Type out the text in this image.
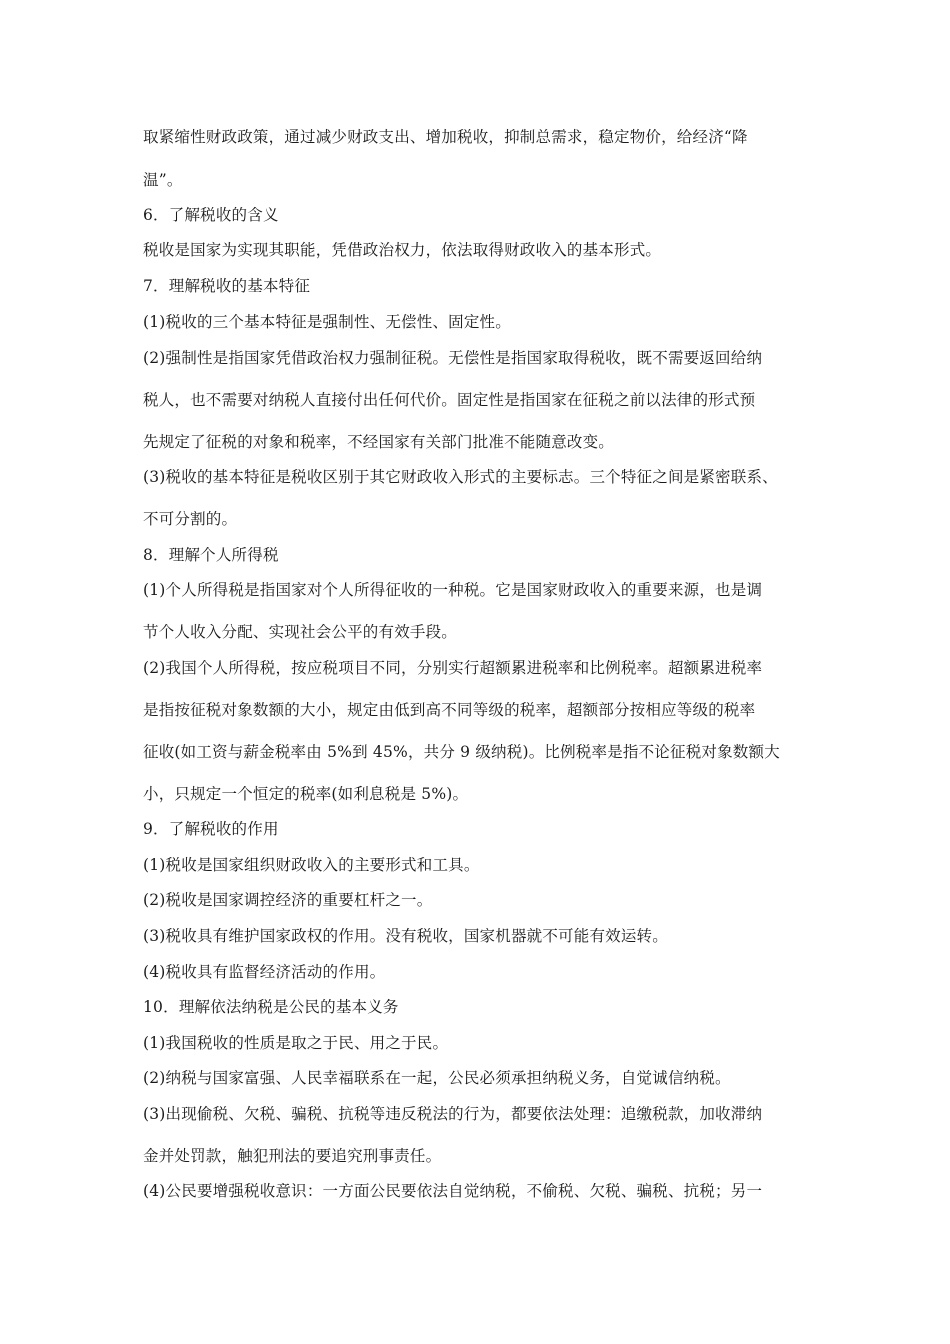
取紧缩性财政政策，通过减少财政支出、增加税收，抑制总需求，稳定物价，给经济“降
温”。
6．了解税收的含义
税收是国家为实现其职能，凭借政治权力，依法取得财政收入的基本形式。
7．理解税收的基本特征
(1)税收的三个基本特征是强制性、无偿性、固定性。
(2)强制性是指国家凭借政治权力强制征税。无偿性是指国家取得税收，既不需要返回给纳
税人，也不需要对纳税人直接付出任何代价。固定性是指国家在征税之前以法律的形式预
先规定了征税的对象和税率，不经国家有关部门批准不能随意改变。
(3)税收的基本特征是税收区别于其它财政收入形式的主要标志。三个特征之间是紧密联系、
不可分割的。
8．理解个人所得税
(1)个人所得税是指国家对个人所得征收的一种税。它是国家财政收入的重要来源，也是调
节个人收入分配、实现社会公平的有效手段。
(2)我国个人所得税，按应税项目不同，分别实行超额累进税率和比例税率。超额累进税率
是指按征税对象数额的大小，规定由低到高不同等级的税率，超额部分按相应等级的税率
征收(如工资与薪金税率由 5%到 45%，共分 9 级纳税)。比例税率是指不论征税对象数额大
小，只规定一个恒定的税率(如利息税是 5%)。
9．了解税收的作用
(1)税收是国家组织财政收入的主要形式和工具。
(2)税收是国家调控经济的重要杠杆之一。
(3)税收具有维护国家政权的作用。没有税收，国家机器就不可能有效运转。
(4)税收具有监督经济活动的作用。
10．理解依法纳税是公民的基本义务
(1)我国税收的性质是取之于民、用之于民。
(2)纳税与国家富强、人民幸福联系在一起，公民必须承担纳税义务，自觉诚信纳税。
(3)出现偷税、欠税、骗税、抗税等违反税法的行为，都要依法处理：追缴税款，加收滞纳
金并处罚款，触犯刑法的要追究刑事责任。
(4)公民要增强税收意识：一方面公民要依法自觉纳税，不偷税、欠税、骗税、抗税；另一
